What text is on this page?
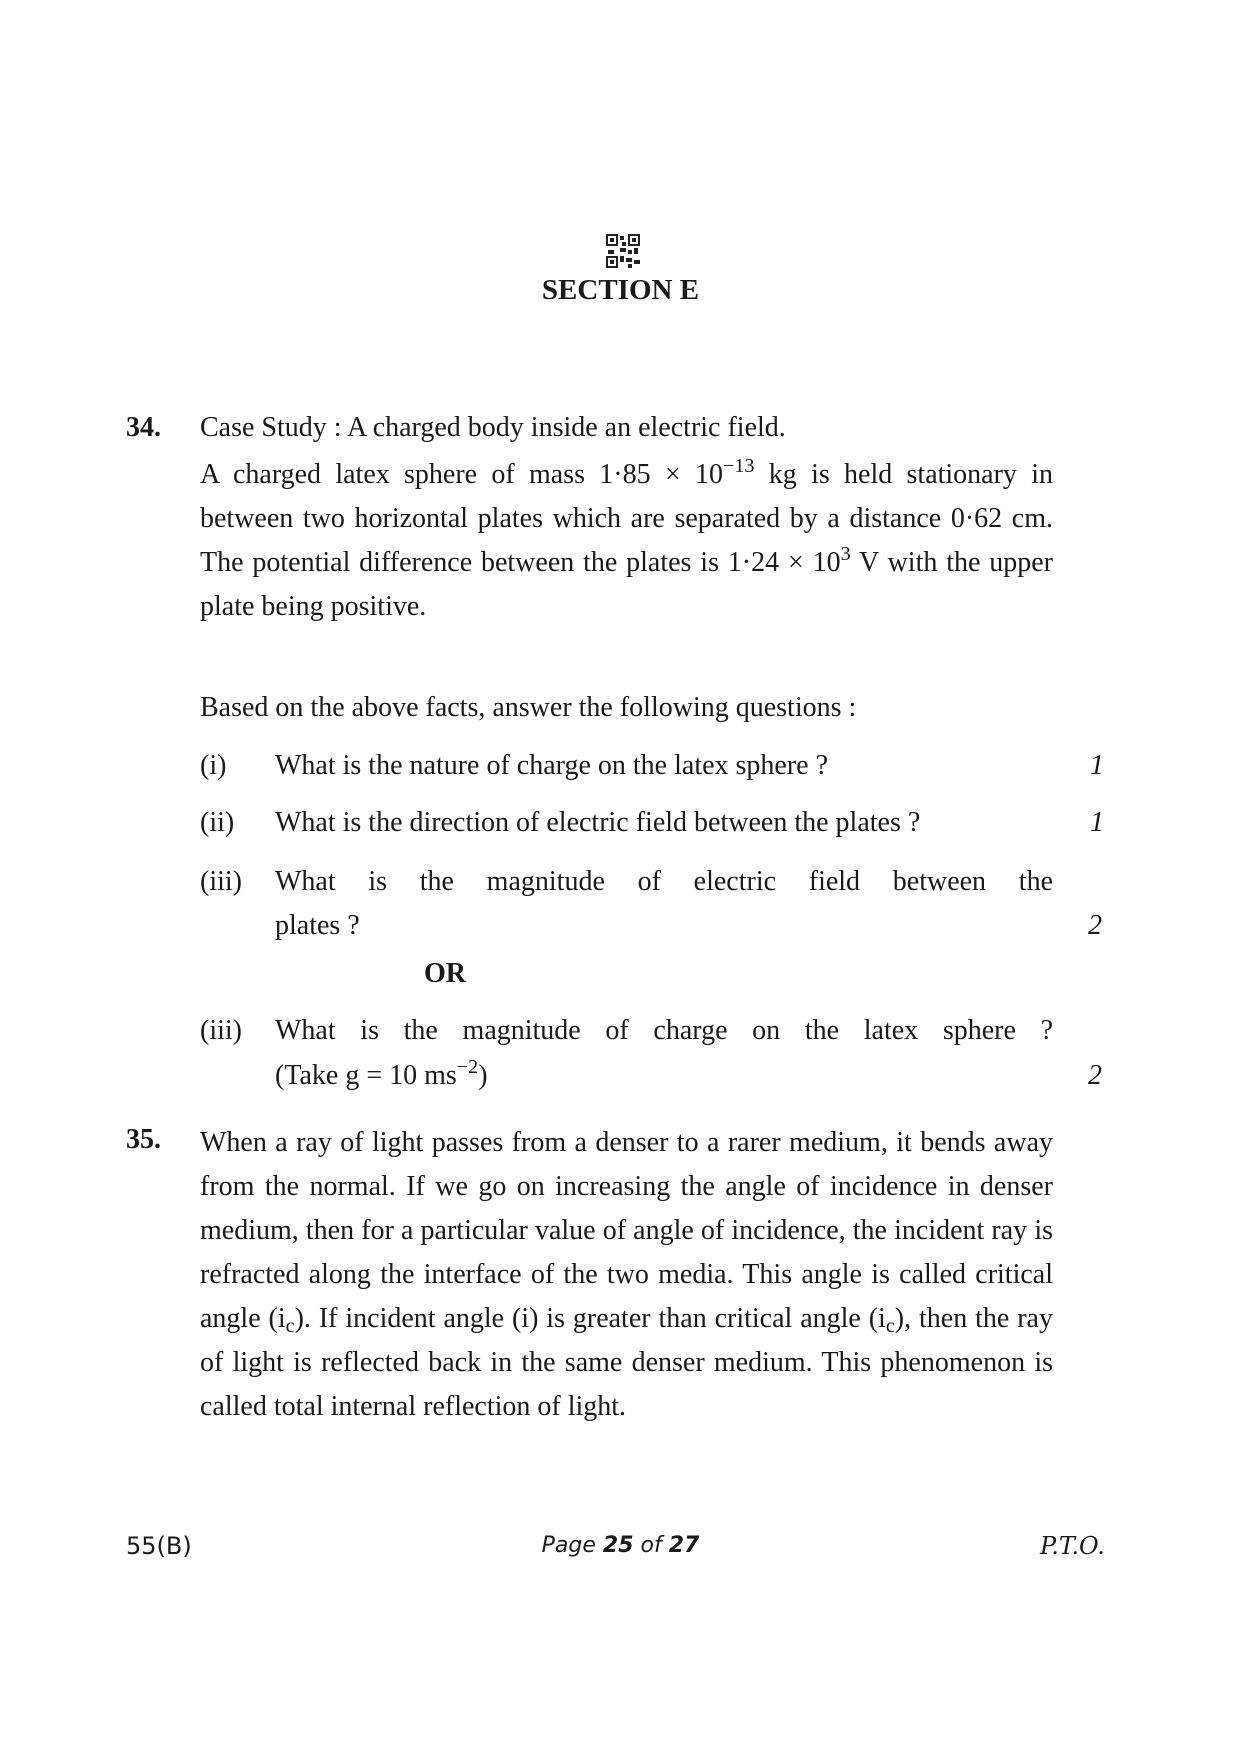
SECTION E
34. Case Study : A charged body inside an electric field.
A charged latex sphere of mass $1\cdot 85 \times 10^{-13}$ kg is held stationary in between two horizontal plates which are separated by a distance 0·62 cm. The potential difference between the plates is $1\cdot 24 \times 10^3$ V with the upper plate being positive.
Based on the above facts, answer the following questions :
(i) What is the nature of charge on the latex sphere ?	1
(ii) What is the direction of electric field between the plates ?	1
(iii) What is the magnitude of electric field between the
plates ?	2
OR
(iii) What is the magnitude of charge on the latex sphere ?
(Take g = 10 $ms^{-2}$)	2
35. When a ray of light passes from a denser to a rarer medium, it bends away from the normal. If we go on increasing the angle of incidence in denser medium, then for a particular value of angle of incidence, the incident ray is refracted along the interface of the two media. This angle is called critical angle $(i_c)$. If incident angle (i) is greater than critical angle $(i_c)$, then the ray of light is reflected back in the same denser medium. This phenomenon is called total internal reflection of light.
55(B)	Page 25 of 27	P.T.O.
